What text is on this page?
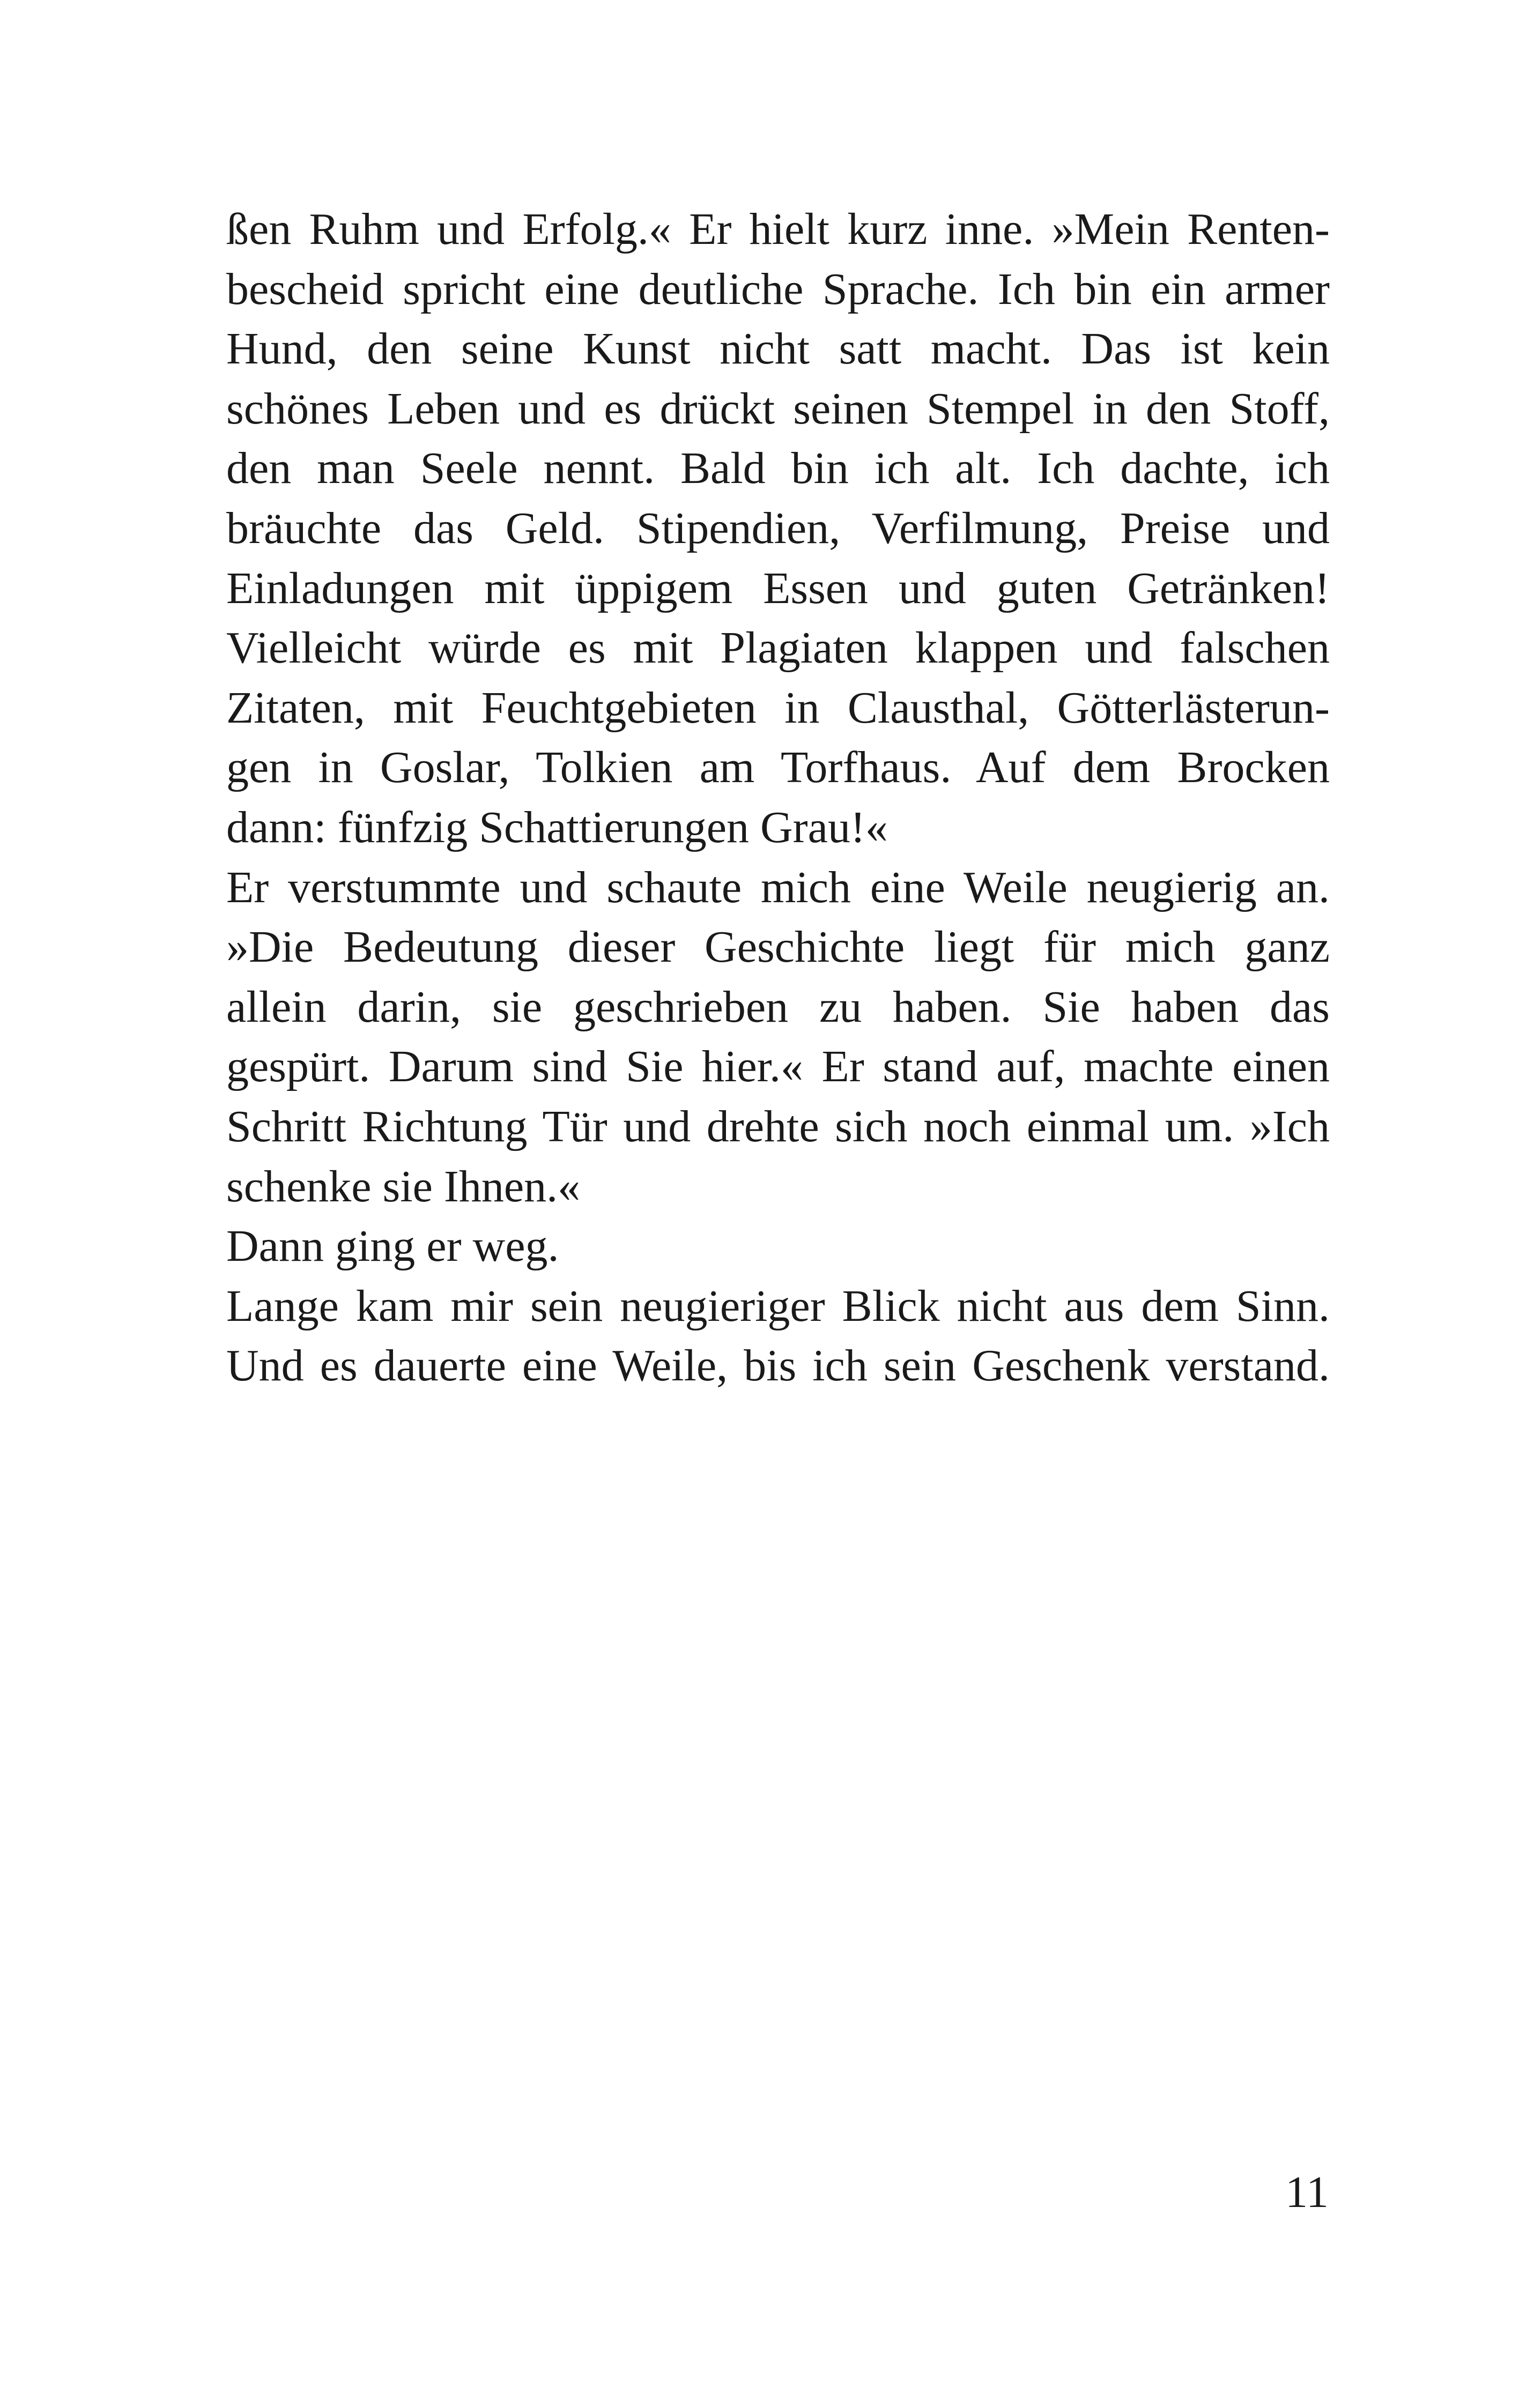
ßen Ruhm und Erfolg.« Er hielt kurz inne. »Mein Renten-
bescheid spricht eine deutliche Sprache. Ich bin ein armer
Hund, den seine Kunst nicht satt macht. Das ist kein
schönes Leben und es drückt seinen Stempel in den Stoff,
den man Seele nennt. Bald bin ich alt. Ich dachte, ich
bräuchte das Geld. Stipendien, Verfilmung, Preise und
Einladungen mit üppigem Essen und guten Getränken!
Vielleicht würde es mit Plagiaten klappen und falschen
Zitaten, mit Feuchtgebieten in Clausthal, Götterlästerun-
gen in Goslar, Tolkien am Torfhaus. Auf dem Brocken
dann: fünfzig Schattierungen Grau!«
Er verstummte und schaute mich eine Weile neugierig an.
»Die Bedeutung dieser Geschichte liegt für mich ganz
allein darin, sie geschrieben zu haben. Sie haben das
gespürt. Darum sind Sie hier.« Er stand auf, machte einen
Schritt Richtung Tür und drehte sich noch einmal um. »Ich
schenke sie Ihnen.«
Dann ging er weg.
Lange kam mir sein neugieriger Blick nicht aus dem Sinn.
Und es dauerte eine Weile, bis ich sein Geschenk verstand.
11
